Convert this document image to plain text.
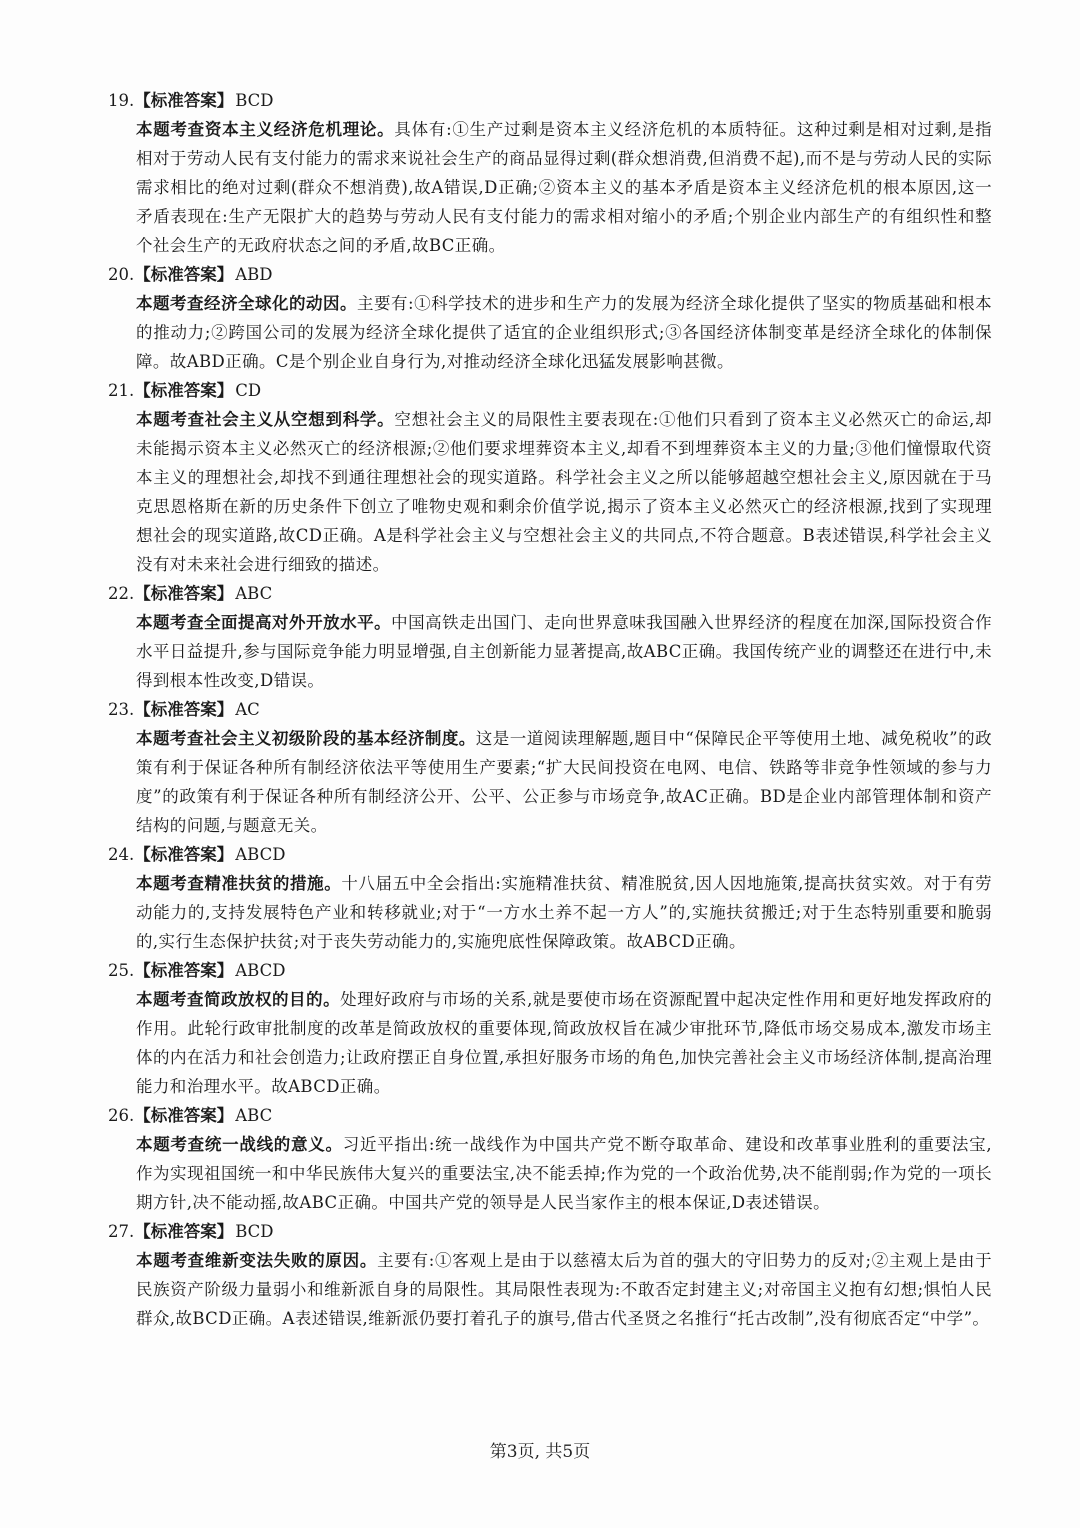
19.【标准答案】 BCD
本题考查资本主义经济危机理论。具体有:①生产过剩是资本主义经济危机的本质特征。这种过剩是相对过剩,是指相对于劳动人民有支付能力的需求来说社会生产的商品显得过剩(群众想消费,但消费不起),而不是与劳动人民的实际需求相比的绝对过剩(群众不想消费),故A错误,D正确;②资本主义的基本矛盾是资本主义经济危机的根本原因,这一矛盾表现在:生产无限扩大的趋势与劳动人民有支付能力的需求相对缩小的矛盾;个别企业内部生产的有组织性和整个社会生产的无政府状态之间的矛盾,故BC正确。
20.【标准答案】 ABD
本题考查经济全球化的动因。主要有:①科学技术的进步和生产力的发展为经济全球化提供了坚实的物质基础和根本的推动力;②跨国公司的发展为经济全球化提供了适宜的企业组织形式;③各国经济体制变革是经济全球化的体制保障。故ABD正确。C是个别企业自身行为,对推动经济全球化迅猛发展影响甚微。
21.【标准答案】 CD
本题考查社会主义从空想到科学。空想社会主义的局限性主要表现在:①他们只看到了资本主义必然灭亡的命运,却未能揭示资本主义必然灭亡的经济根源;②他们要求埋葬资本主义,却看不到埋葬资本主义的力量;③他们憧憬取代资本主义的理想社会,却找不到通往理想社会的现实道路。科学社会主义之所以能够超越空想社会主义,原因就在于马克思恩格斯在新的历史条件下创立了唯物史观和剩余价值学说,揭示了资本主义必然灭亡的经济根源,找到了实现理想社会的现实道路,故CD正确。A是科学社会主义与空想社会主义的共同点,不符合题意。B表述错误,科学社会主义没有对未来社会进行细致的描述。
22.【标准答案】 ABC
本题考查全面提高对外开放水平。中国高铁走出国门、走向世界意味我国融入世界经济的程度在加深,国际投资合作水平日益提升,参与国际竞争能力明显增强,自主创新能力显著提高,故ABC正确。我国传统产业的调整还在进行中,未得到根本性改变,D错误。
23.【标准答案】 AC
本题考查社会主义初级阶段的基本经济制度。这是一道阅读理解题,题目中“保障民企平等使用土地、减免税收”的政策有利于保证各种所有制经济依法平等使用生产要素;“扩大民间投资在电网、电信、铁路等非竞争性领域的参与力度”的政策有利于保证各种所有制经济公开、公平、公正参与市场竞争,故AC正确。BD是企业内部管理体制和资产结构的问题,与题意无关。
24.【标准答案】 ABCD
本题考查精准扶贫的措施。十八届五中全会指出:实施精准扶贫、精准脱贫,因人因地施策,提高扶贫实效。对于有劳动能力的,支持发展特色产业和转移就业;对于“一方水土养不起一方人”的,实施扶贫搬迁;对于生态特别重要和脆弱的,实行生态保护扶贫;对于丧失劳动能力的,实施兜底性保障政策。故ABCD正确。
25.【标准答案】 ABCD
本题考查简政放权的目的。处理好政府与市场的关系,就是要使市场在资源配置中起决定性作用和更好地发挥政府的作用。此轮行政审批制度的改革是简政放权的重要体现,简政放权旨在减少审批环节,降低市场交易成本,激发市场主体的内在活力和社会创造力;让政府摆正自身位置,承担好服务市场的角色,加快完善社会主义市场经济体制,提高治理能力和治理水平。故ABCD正确。
26.【标准答案】 ABC
本题考查统一战线的意义。习近平指出:统一战线作为中国共产党不断夺取革命、建设和改革事业胜利的重要法宝,作为实现祖国统一和中华民族伟大复兴的重要法宝,决不能丢掉;作为党的一个政治优势,决不能削弱;作为党的一项长期方针,决不能动摇,故ABC正确。中国共产党的领导是人民当家作主的根本保证,D表述错误。
27.【标准答案】 BCD
本题考查维新变法失败的原因。主要有:①客观上是由于以慈禧太后为首的强大的守旧势力的反对;②主观上是由于民族资产阶级力量弱小和维新派自身的局限性。其局限性表现为:不敢否定封建主义;对帝国主义抱有幻想;惧怕人民群众,故BCD正确。A表述错误,维新派仍要打着孔子的旗号,借古代圣贤之名推行“托古改制”,没有彻底否定“中学”。
第3页, 共5页
